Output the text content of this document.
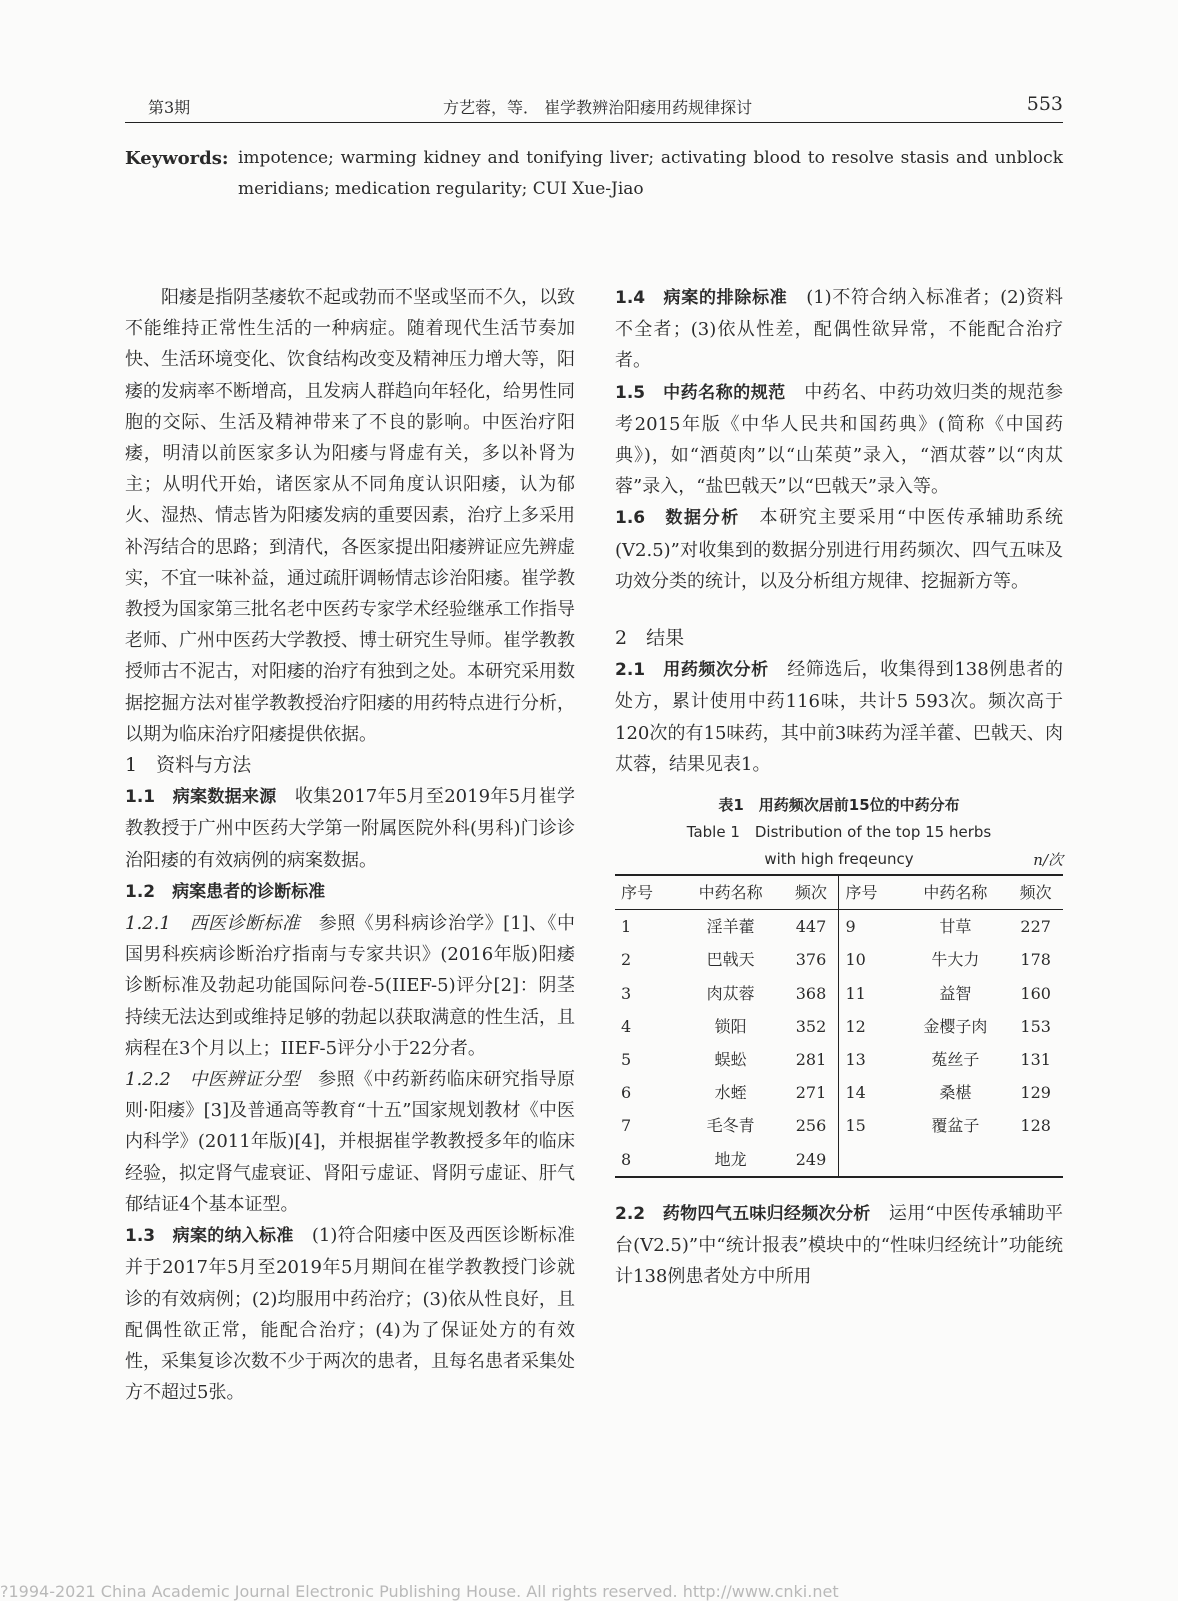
第3期	方艺蓉，等． 崔学教辨治阳痿用药规律探讨	553
Keywords: impotence; warming kidney and tonifying liver; activating blood to resolve stasis and unblock meridians; medication regularity; CUI Xue-Jiao

阳痿是指阴茎痿软不起或勃而不坚或坚而不久，以致不能维持正常性生活的一种病症。随着现代生活节奏加快、生活环境变化、饮食结构改变及精神压力增大等，阳痿的发病率不断增高，且发病人群趋向年轻化，给男性同胞的交际、生活及精神带来了不良的影响。中医治疗阳痿，明清以前医家多认为阳痿与肾虚有关，多以补肾为主；从明代开始，诸医家从不同角度认识阳痿，认为郁火、湿热、情志皆为阳痿发病的重要因素，治疗上多采用补泻结合的思路；到清代，各医家提出阳痿辨证应先辨虚实，不宜一味补益，通过疏肝调畅情志诊治阳痿。崔学教教授为国家第三批名老中医药专家学术经验继承工作指导老师、广州中医药大学教授、博士研究生导师。崔学教教授师古不泥古，对阳痿的治疗有独到之处。本研究采用数据挖掘方法对崔学教教授治疗阳痿的用药特点进行分析，以期为临床治疗阳痿提供依据。

1　资料与方法

1.1　病案数据来源　收集2017年5月至2019年5月崔学教教授于广州中医药大学第一附属医院外科(男科)门诊诊治阳痿的有效病例的病案数据。

1.2　病案患者的诊断标准

1.2.1　西医诊断标准　参照《男科病诊治学》[1]、《中国男科疾病诊断治疗指南与专家共识》(2016年版)阳痿诊断标准及勃起功能国际问卷-5(IIEF-5)评分[2]：阴茎持续无法达到或维持足够的勃起以获取满意的性生活，且病程在3个月以上；IIEF-5评分小于22分者。

1.2.2　中医辨证分型　参照《中药新药临床研究指导原则·阳痿》[3]及普通高等教育“十五”国家规划教材《中医内科学》(2011年版)[4]，并根据崔学教教授多年的临床经验，拟定肾气虚衰证、肾阳亏虚证、肾阴亏虚证、肝气郁结证4个基本证型。

1.3　病案的纳入标准　(1)符合阳痿中医及西医诊断标准并于2017年5月至2019年5月期间在崔学教教授门诊就诊的有效病例；(2)均服用中药治疗；(3)依从性良好，且配偶性欲正常，能配合治疗；(4)为了保证处方的有效性，采集复诊次数不少于两次的患者，且每名患者采集处方不超过5张。

1.4　病案的排除标准　(1)不符合纳入标准者；(2)资料不全者；(3)依从性差，配偶性欲异常，不能配合治疗者。

1.5　中药名称的规范　中药名、中药功效归类的规范参考2015年版《中华人民共和国药典》(简称《中国药典》)，如“酒萸肉”以“山茱萸”录入，“酒苁蓉”以“肉苁蓉”录入，“盐巴戟天”以“巴戟天”录入等。

1.6　数据分析　本研究主要采用“中医传承辅助系统(V2.5)”对收集到的数据分别进行用药频次、四气五味及功效分类的统计，以及分析组方规律、挖掘新方等。

2　结果

2.1　用药频次分析　经筛选后，收集得到138例患者的处方，累计使用中药116味，共计5 593次。频次高于120次的有15味药，其中前3味药为淫羊藿、巴戟天、肉苁蓉，结果见表1。

表1　用药频次居前15位的中药分布
Table 1　Distribution of the top 15 herbs
with high freqeuncy	n/次
序号	中药名称	频次	序号	中药名称	频次
1	淫羊藿	447	9	甘草	227
2	巴戟天	376	10	牛大力	178
3	肉苁蓉	368	11	益智	160
4	锁阳	352	12	金樱子肉	153
5	蜈蚣	281	13	菟丝子	131
6	水蛭	271	14	桑椹	129
7	毛冬青	256	15	覆盆子	128
8	地龙	249			

2.2　药物四气五味归经频次分析　运用“中医传承辅助平台(V2.5)”中“统计报表”模块中的“性味归经统计”功能统计138例患者处方中所用

?1994-2021 China Academic Journal Electronic Publishing House. All rights reserved. http://www.cnki.net
